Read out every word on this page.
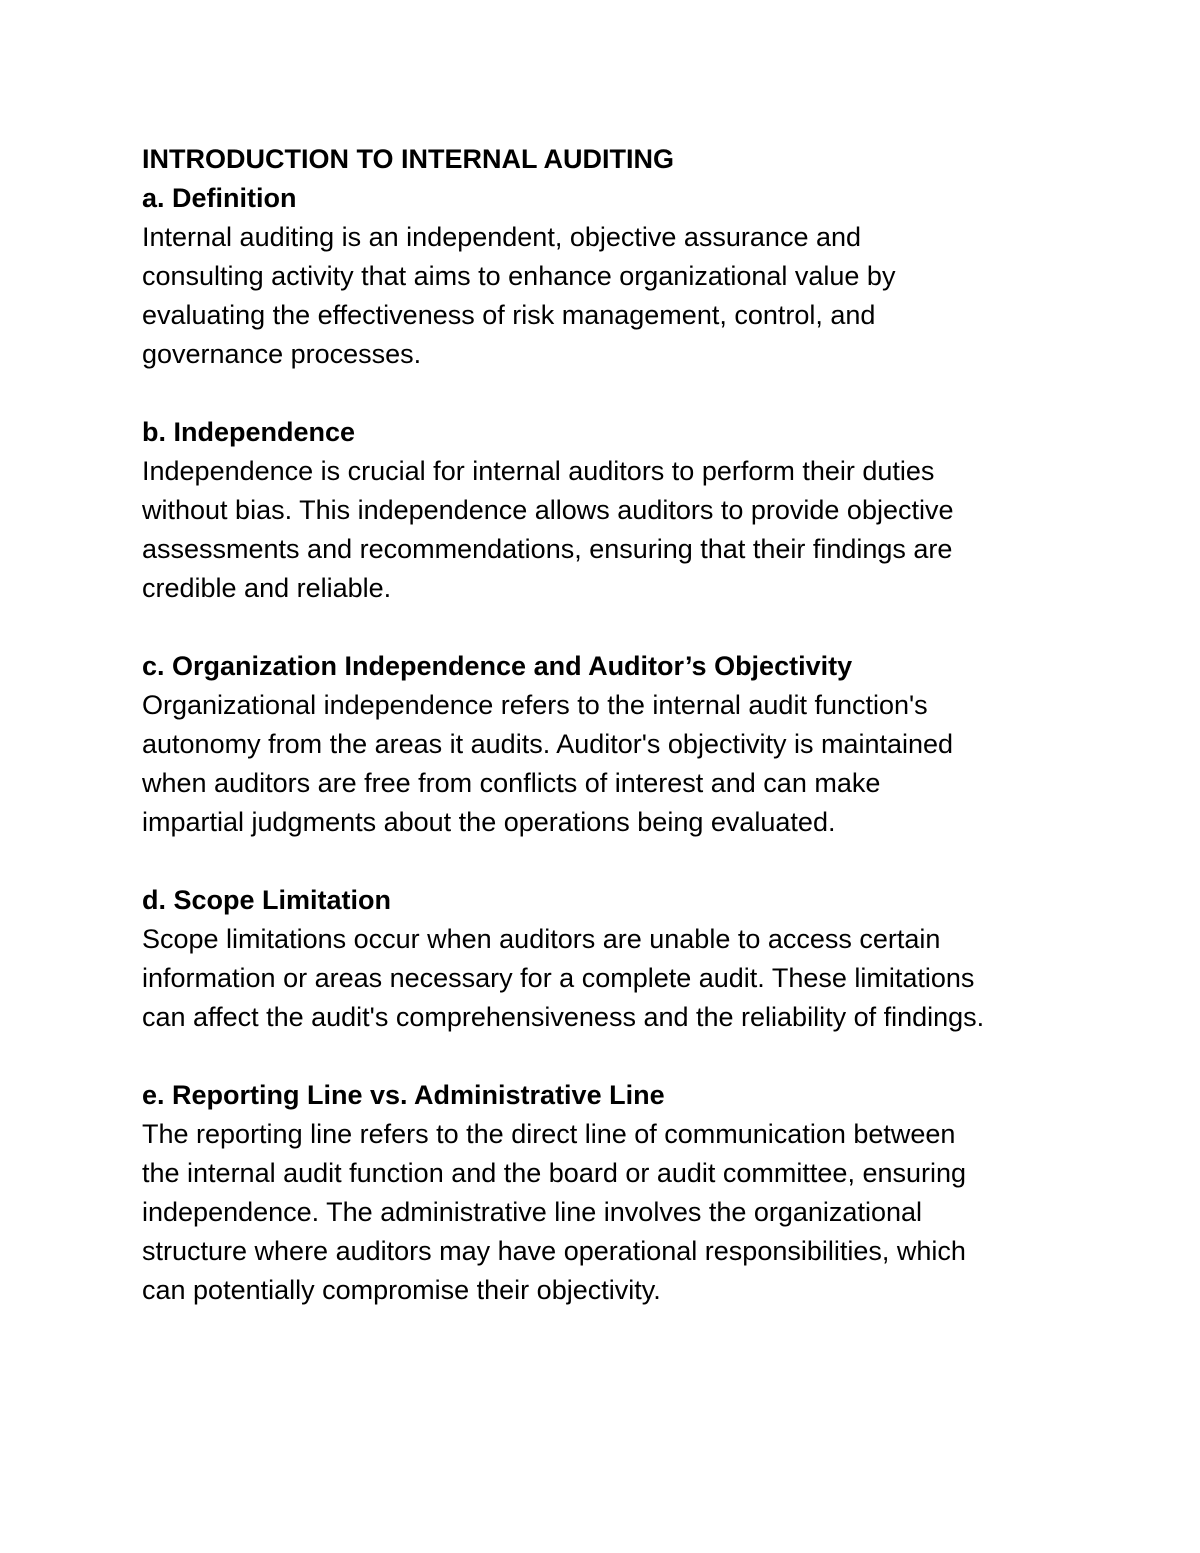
INTRODUCTION TO INTERNAL AUDITING
a. Definition

Internal auditing is an independent, objective assurance and
consulting activity that aims to enhance organizational value by
evaluating the effectiveness of risk management, control, and
governance processes.

b. Independence

Independence is crucial for internal auditors to perform their duties
without bias. This independence allows auditors to provide objective
assessments and recommendations, ensuring that their findings are
credible and reliable.

c. Organization Independence and Auditor’s Objectivity

Organizational independence refers to the internal audit function's
autonomy from the areas it audits. Auditor's objectivity is maintained
when auditors are free from conflicts of interest and can make
impartial judgments about the operations being evaluated.

d. Scope Limitation

Scope limitations occur when auditors are unable to access certain
information or areas necessary for a complete audit. These limitations
can affect the audit's comprehensiveness and the reliability of findings.

e. Reporting Line vs. Administrative Line

The reporting line refers to the direct line of communication between
the internal audit function and the board or audit committee, ensuring
independence. The administrative line involves the organizational
structure where auditors may have operational responsibilities, which
can potentially compromise their objectivity.
